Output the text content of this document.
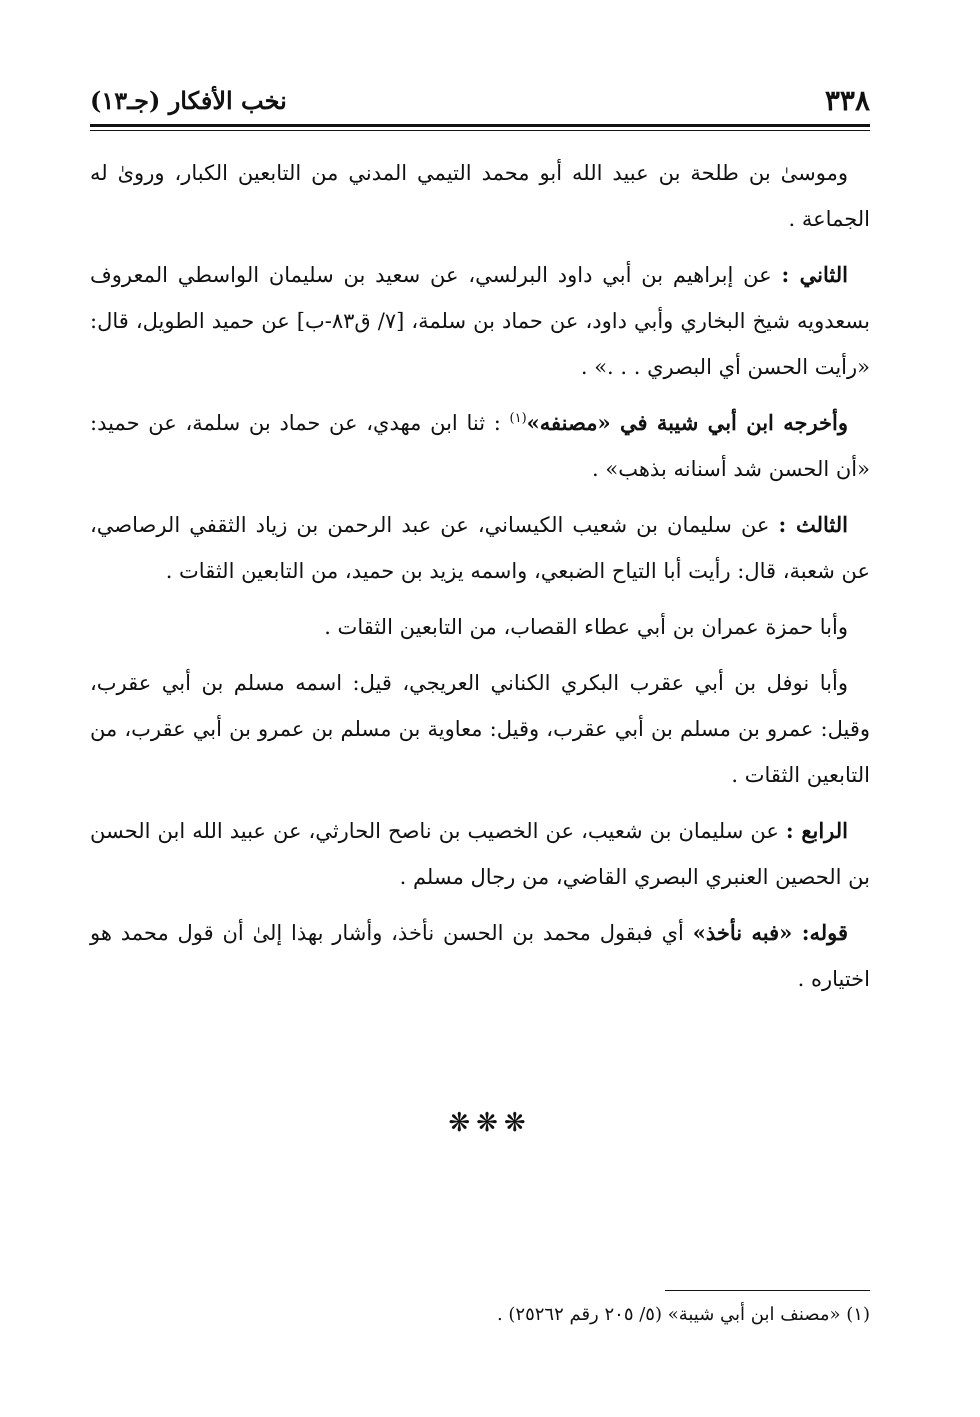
٣٣٨
نخب الأفكار (جـ١٣)

وموسىٰ بن طلحة بن عبيد الله أبو محمد التيمي المدني من التابعين الكبار، وروىٰ له الجماعة .

الثاني : عن إبراهيم بن أبي داود البرلسي، عن سعيد بن سليمان الواسطي المعروف بسعدويه شيخ البخاري وأبي داود، عن حماد بن سلمة، [٧/ ق٨٣-ب] عن حميد الطويل، قال: «رأيت الحسن أي البصري . . .» .

وأخرجه ابن أبي شيبة في «مصنفه»$^{(١)}$ : ثنا ابن مهدي، عن حماد بن سلمة، عن حميد: «أن الحسن شد أسنانه بذهب» .

الثالث : عن سليمان بن شعيب الكيساني، عن عبد الرحمن بن زياد الثقفي الرصاصي، عن شعبة، قال: رأيت أبا التياح الضبعي، واسمه يزيد بن حميد، من التابعين الثقات .

وأبا حمزة عمران بن أبي عطاء القصاب، من التابعين الثقات .

وأبا نوفل بن أبي عقرب البكري الكناني العريجي، قيل: اسمه مسلم بن أبي عقرب، وقيل: عمرو بن مسلم بن أبي عقرب، وقيل: معاوية بن مسلم بن عمرو بن أبي عقرب، من التابعين الثقات .

الرابع : عن سليمان بن شعيب، عن الخصيب بن ناصح الحارثي، عن عبيد الله ابن الحسن بن الحصين العنبري البصري القاضي، من رجال مسلم .

قوله: «فبه نأخذ» أي فبقول محمد بن الحسن نأخذ، وأشار بهذا إلىٰ أن قول محمد هو اختياره .

❋❋❋
(١) «مصنف ابن أبي شيبة» (٥/ ٢٠٥ رقم ٢٥٢٦٢) .
